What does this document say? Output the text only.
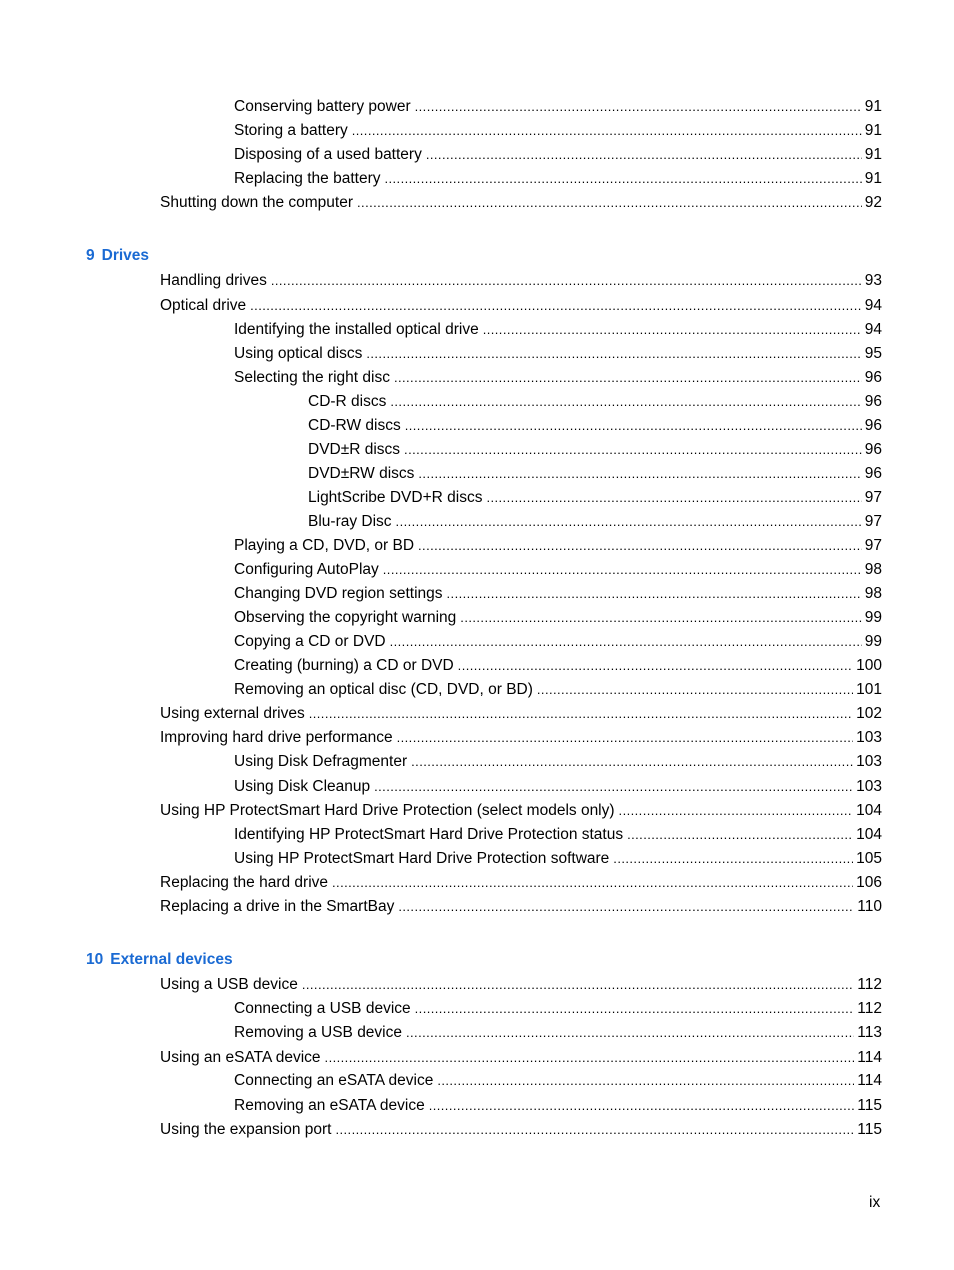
Conserving battery power . . .	91
Storing a battery . . .	91
Disposing of a used battery . . .	91
Replacing the battery . . .	91
Shutting down the computer . . .	92
9 Drives
Handling drives . . .	93
Optical drive . . .	94
Identifying the installed optical drive . . .	94
Using optical discs . . .	95
Selecting the right disc . . .	96
CD-R discs . . .	96
CD-RW discs . . .	96
DVD±R discs . . .	96
DVD±RW discs . . .	96
LightScribe DVD+R discs . . .	97
Blu-ray Disc . . .	97
Playing a CD, DVD, or BD . . .	97
Configuring AutoPlay . . .	98
Changing DVD region settings . . .	98
Observing the copyright warning . . .	99
Copying a CD or DVD . . .	99
Creating (burning) a CD or DVD . . .	100
Removing an optical disc (CD, DVD, or BD) . . .	101
Using external drives . . .	102
Improving hard drive performance . . .	103
Using Disk Defragmenter . . .	103
Using Disk Cleanup . . .	103
Using HP ProtectSmart Hard Drive Protection (select models only) . . .	104
Identifying HP ProtectSmart Hard Drive Protection status . . .	104
Using HP ProtectSmart Hard Drive Protection software . . .	105
Replacing the hard drive . . .	106
Replacing a drive in the SmartBay . . .	110
10 External devices
Using a USB device . . .	112
Connecting a USB device . . .	112
Removing a USB device . . .	113
Using an eSATA device . . .	114
Connecting an eSATA device . . .	114
Removing an eSATA device . . .	115
Using the expansion port . . .	115
ix
